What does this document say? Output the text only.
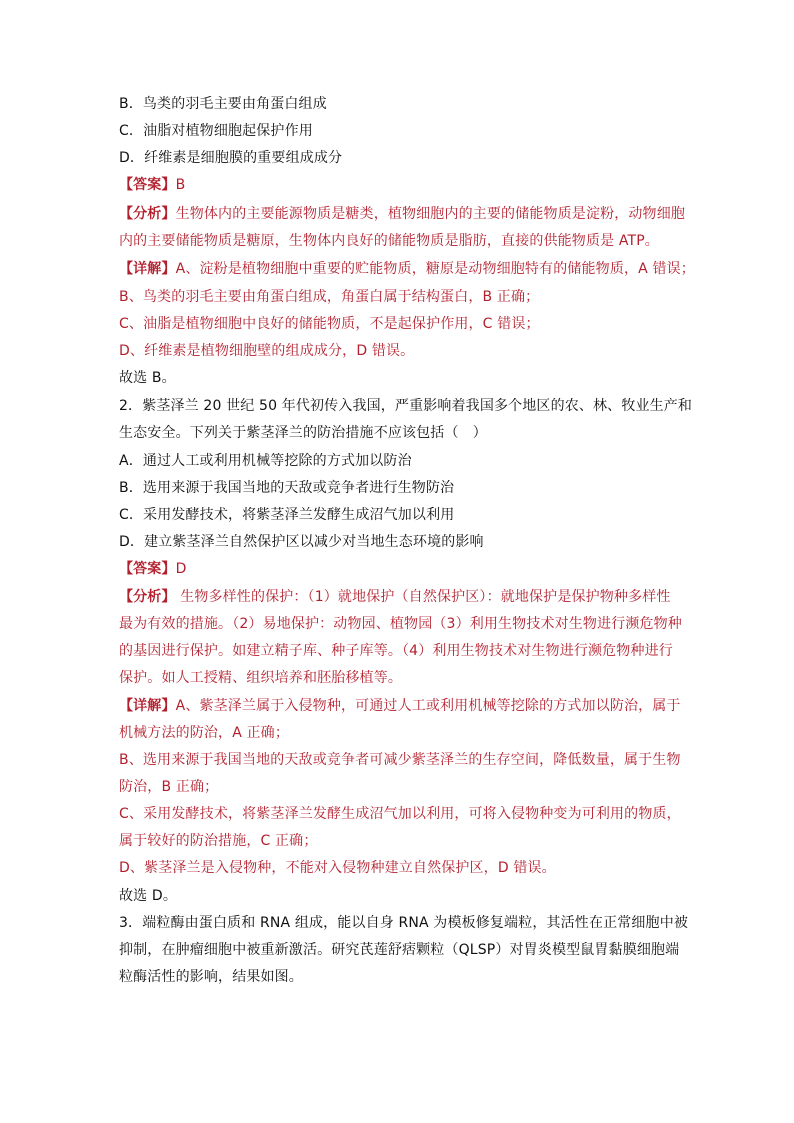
B．鸟类的羽毛主要由角蛋白组成
C．油脂对植物细胞起保护作用
D．纤维素是细胞膜的重要组成成分
【答案】B
【分析】生物体内的主要能源物质是糖类，植物细胞内的主要的储能物质是淀粉，动物细胞
内的主要储能物质是糖原，生物体内良好的储能物质是脂肪，直接的供能物质是 ATP。
【详解】A、淀粉是植物细胞中重要的贮能物质，糖原是动物细胞特有的储能物质，A 错误；
B、鸟类的羽毛主要由角蛋白组成，角蛋白属于结构蛋白，B 正确；
C、油脂是植物细胞中良好的储能物质，不是起保护作用，C 错误；
D、纤维素是植物细胞壁的组成成分，D 错误。
故选 B。
2．紫茎泽兰 20 世纪 50 年代初传入我国，严重影响着我国多个地区的农、林、牧业生产和
生态安全。下列关于紫茎泽兰的防治措施不应该包括（　）
A．通过人工或利用机械等挖除的方式加以防治
B．选用来源于我国当地的天敌或竞争者进行生物防治
C．采用发酵技术，将紫茎泽兰发酵生成沼气加以利用
D．建立紫茎泽兰自然保护区以减少对当地生态环境的影响
【答案】D
【分析】 生物多样性的保护：（1）就地保护（自然保护区）：就地保护是保护物种多样性
最为有效的措施。（2）易地保护：动物园、植物园（3）利用生物技术对生物进行濒危物种
的基因进行保护。如建立精子库、种子库等。（4）利用生物技术对生物进行濒危物种进行
保护。如人工授精、组织培养和胚胎移植等。
【详解】A、紫茎泽兰属于入侵物种，可通过人工或利用机械等挖除的方式加以防治，属于
机械方法的防治，A 正确；
B、选用来源于我国当地的天敌或竞争者可减少紫茎泽兰的生存空间，降低数量，属于生物
防治，B 正确；
C、采用发酵技术，将紫茎泽兰发酵生成沼气加以利用，可将入侵物种变为可利用的物质，
属于较好的防治措施，C 正确；
D、紫茎泽兰是入侵物种，不能对入侵物种建立自然保护区，D 错误。
故选 D。
3．端粒酶由蛋白质和 RNA 组成，能以自身 RNA 为模板修复端粒，其活性在正常细胞中被
抑制，在肿瘤细胞中被重新激活。研究芪莲舒痞颗粒（QLSP）对胃炎模型鼠胃黏膜细胞端
粒酶活性的影响，结果如图。
